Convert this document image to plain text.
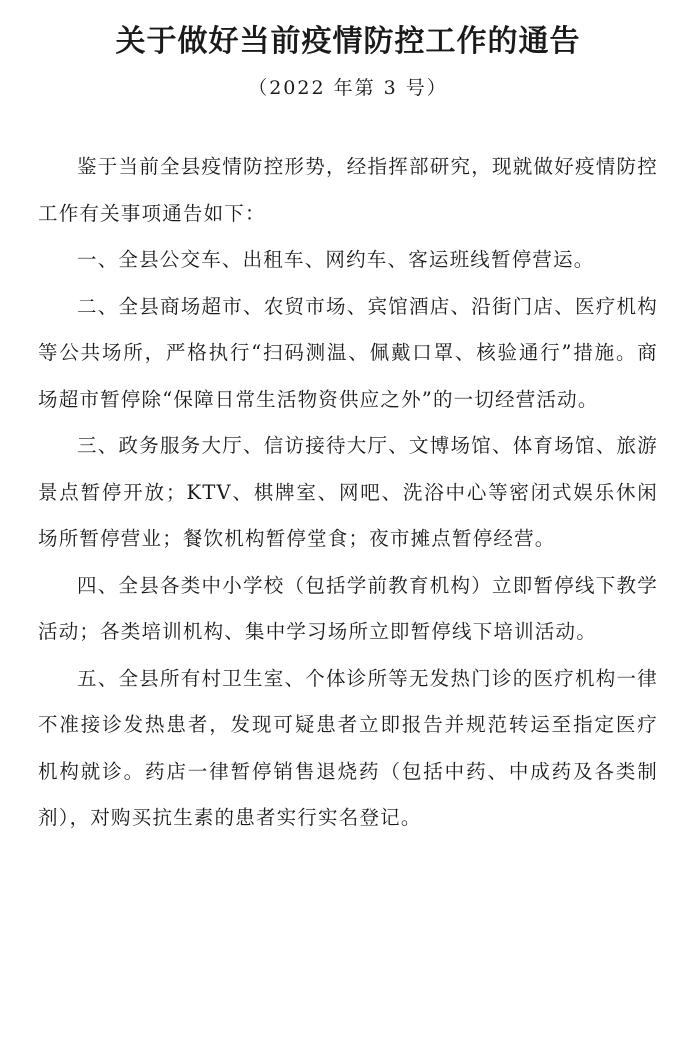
关于做好当前疫情防控工作的通告

（2022 年第 3 号）

鉴于当前全县疫情防控形势，经指挥部研究，现就做好疫情防控工作有关事项通告如下：

一、全县公交车、出租车、网约车、客运班线暂停营运。

二、全县商场超市、农贸市场、宾馆酒店、沿街门店、医疗机构等公共场所，严格执行“扫码测温、佩戴口罩、核验通行”措施。商场超市暂停除“保障日常生活物资供应之外”的一切经营活动。

三、政务服务大厅、信访接待大厅、文博场馆、体育场馆、旅游景点暂停开放；KTV、棋牌室、网吧、洗浴中心等密闭式娱乐休闲场所暂停营业；餐饮机构暂停堂食；夜市摊点暂停经营。

四、全县各类中小学校（包括学前教育机构）立即暂停线下教学活动；各类培训机构、集中学习场所立即暂停线下培训活动。

五、全县所有村卫生室、个体诊所等无发热门诊的医疗机构一律不准接诊发热患者，发现可疑患者立即报告并规范转运至指定医疗机构就诊。药店一律暂停销售退烧药（包括中药、中成药及各类制剂），对购买抗生素的患者实行实名登记。
